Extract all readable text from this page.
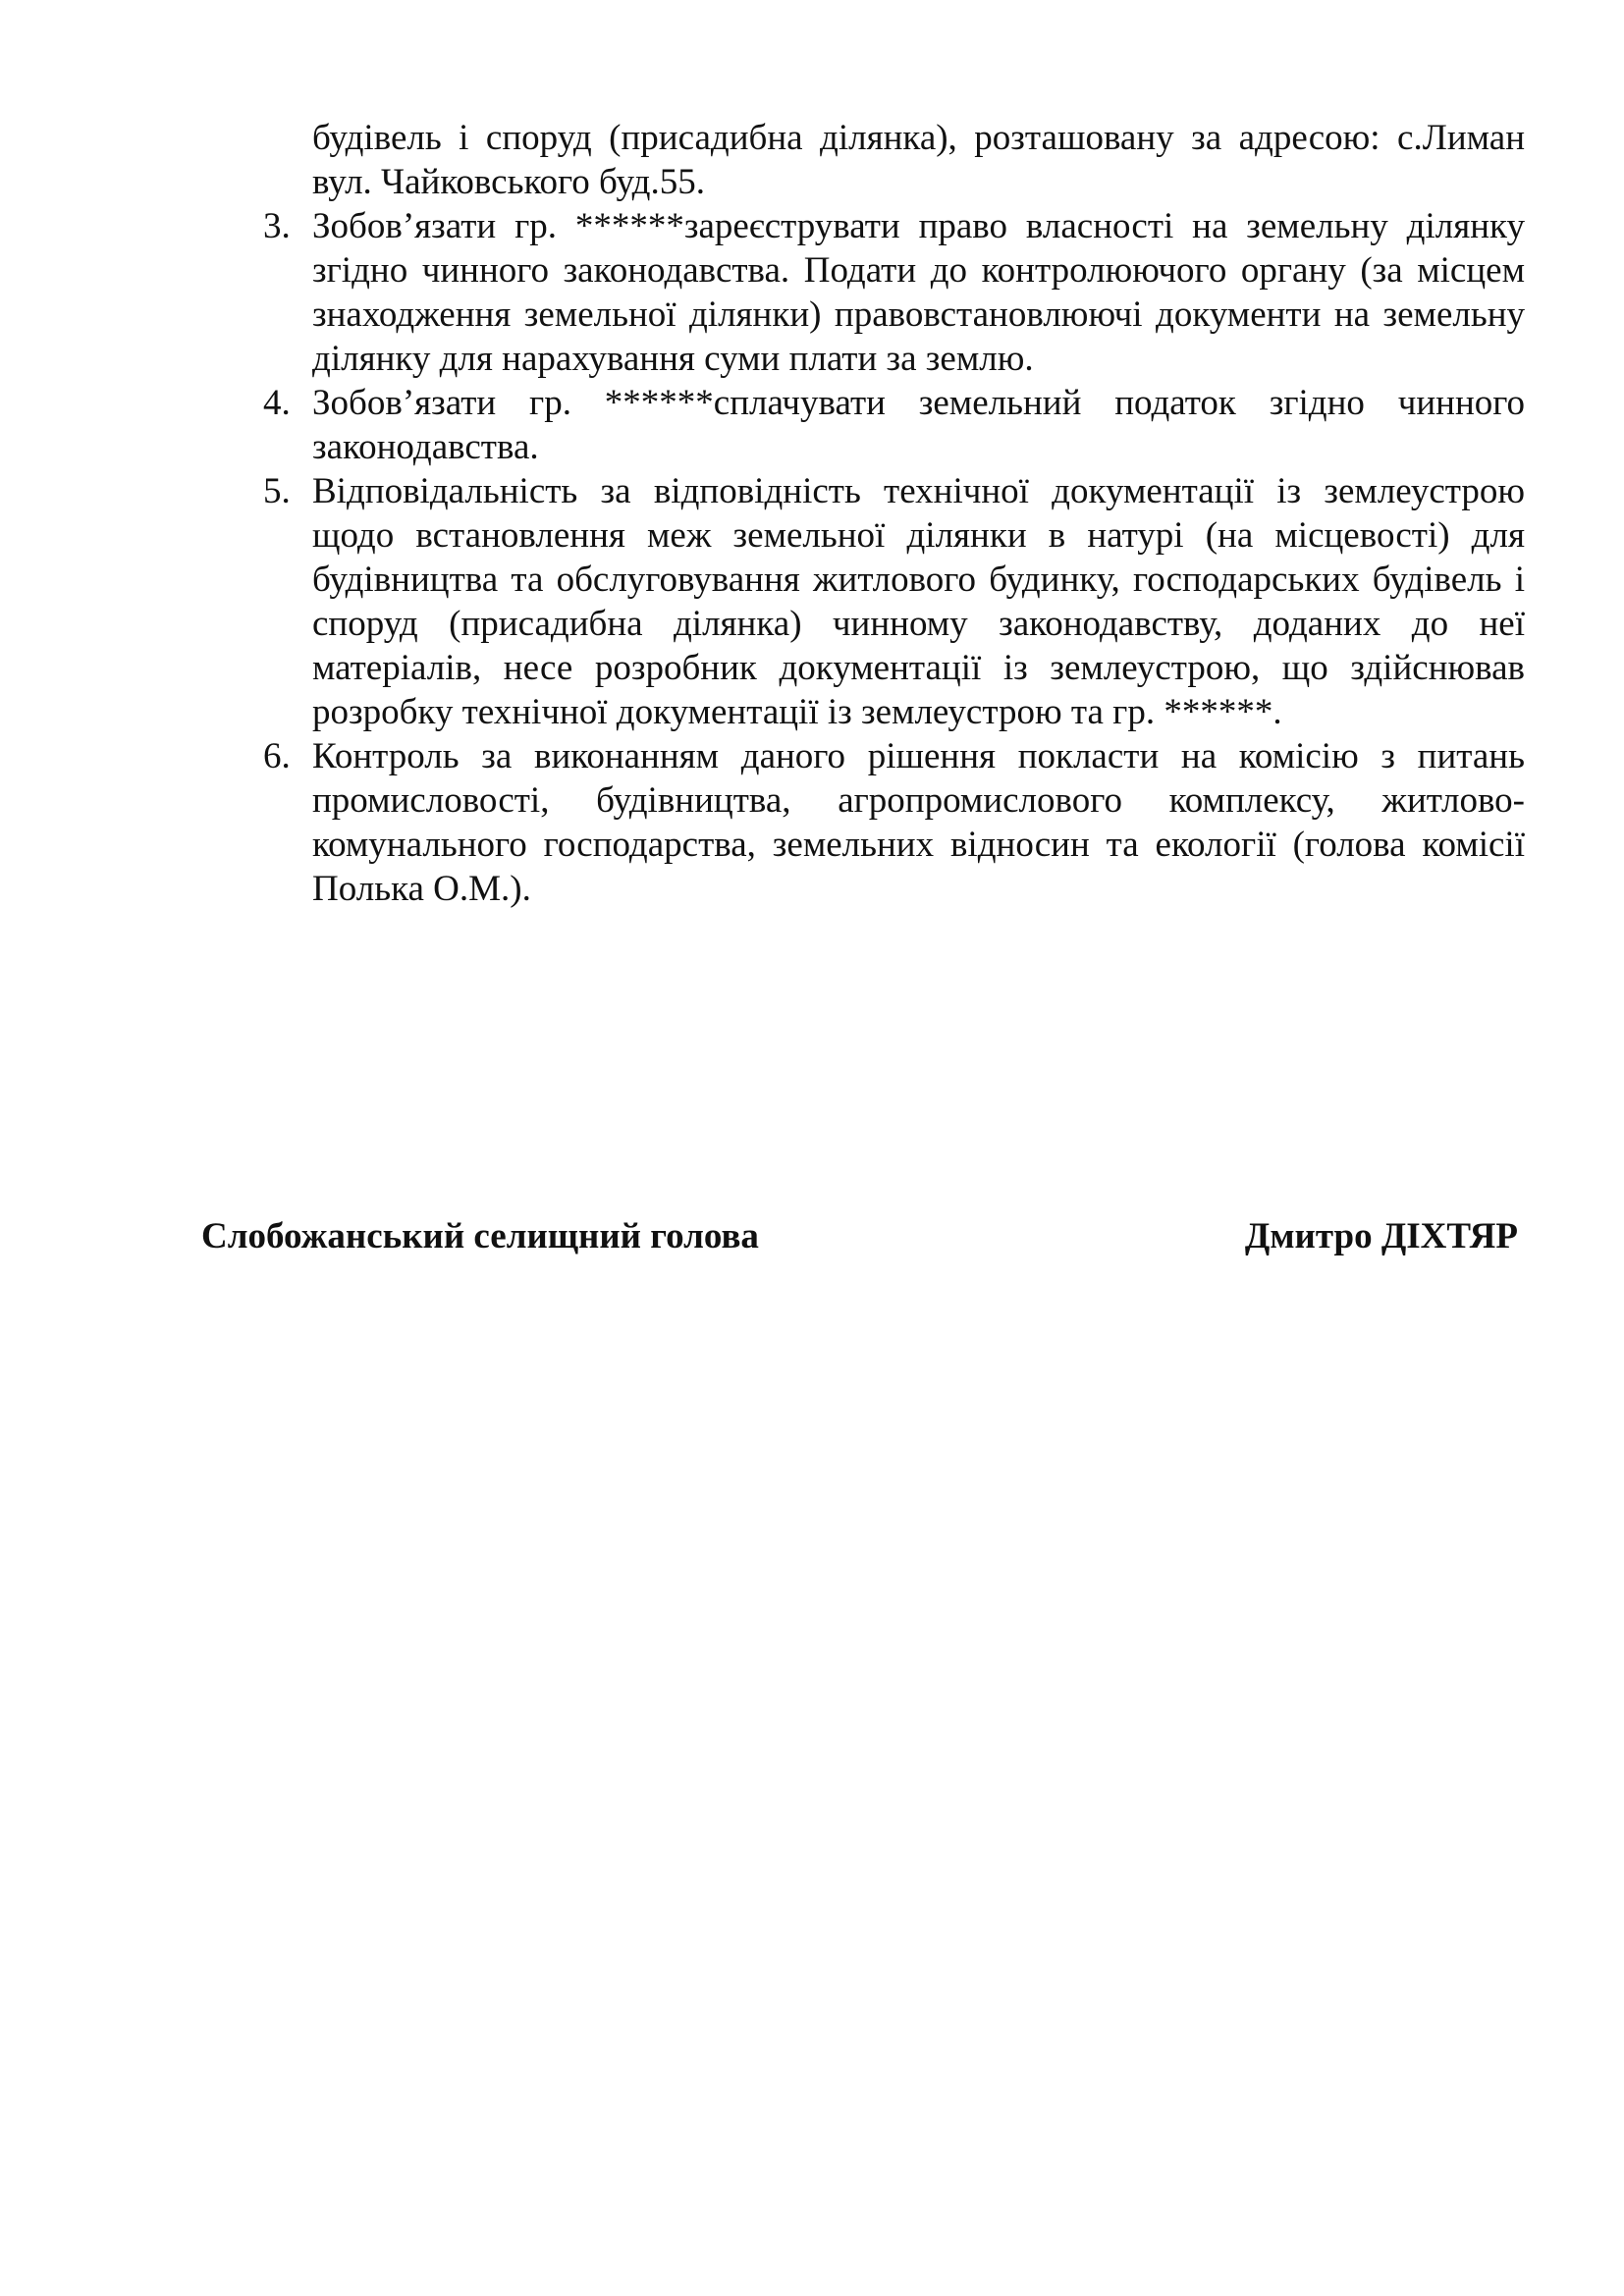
будівель і споруд (присадибна ділянка), розташовану за адресою: с.Лиман вул. Чайковського буд.55.
3. Зобов’язати гр. ******зареєструвати право власності на земельну ділянку згідно чинного законодавства. Подати до контролюючого органу (за місцем знаходження земельної ділянки) правовстановлюючі документи на земельну ділянку для нарахування суми плати за землю.
4. Зобов’язати гр. ******сплачувати земельний податок згідно чинного законодавства.
5. Відповідальність за відповідність технічної документації із землеустрою щодо встановлення меж земельної ділянки в натурі (на місцевості) для будівництва та обслуговування житлового будинку, господарських будівель і споруд (присадибна ділянка) чинному законодавству, доданих до неї матеріалів, несе розробник документації із землеустрою, що здійснював розробку технічної документації із землеустрою та гр. ******.
6. Контроль за виконанням даного рішення покласти на комісію з питань промисловості, будівництва, агропромислового комплексу, житлово-комунального господарства, земельних відносин та екології (голова комісії Полька О.М.).
Слобожанський селищний голова	Дмитро ДІХТЯР
